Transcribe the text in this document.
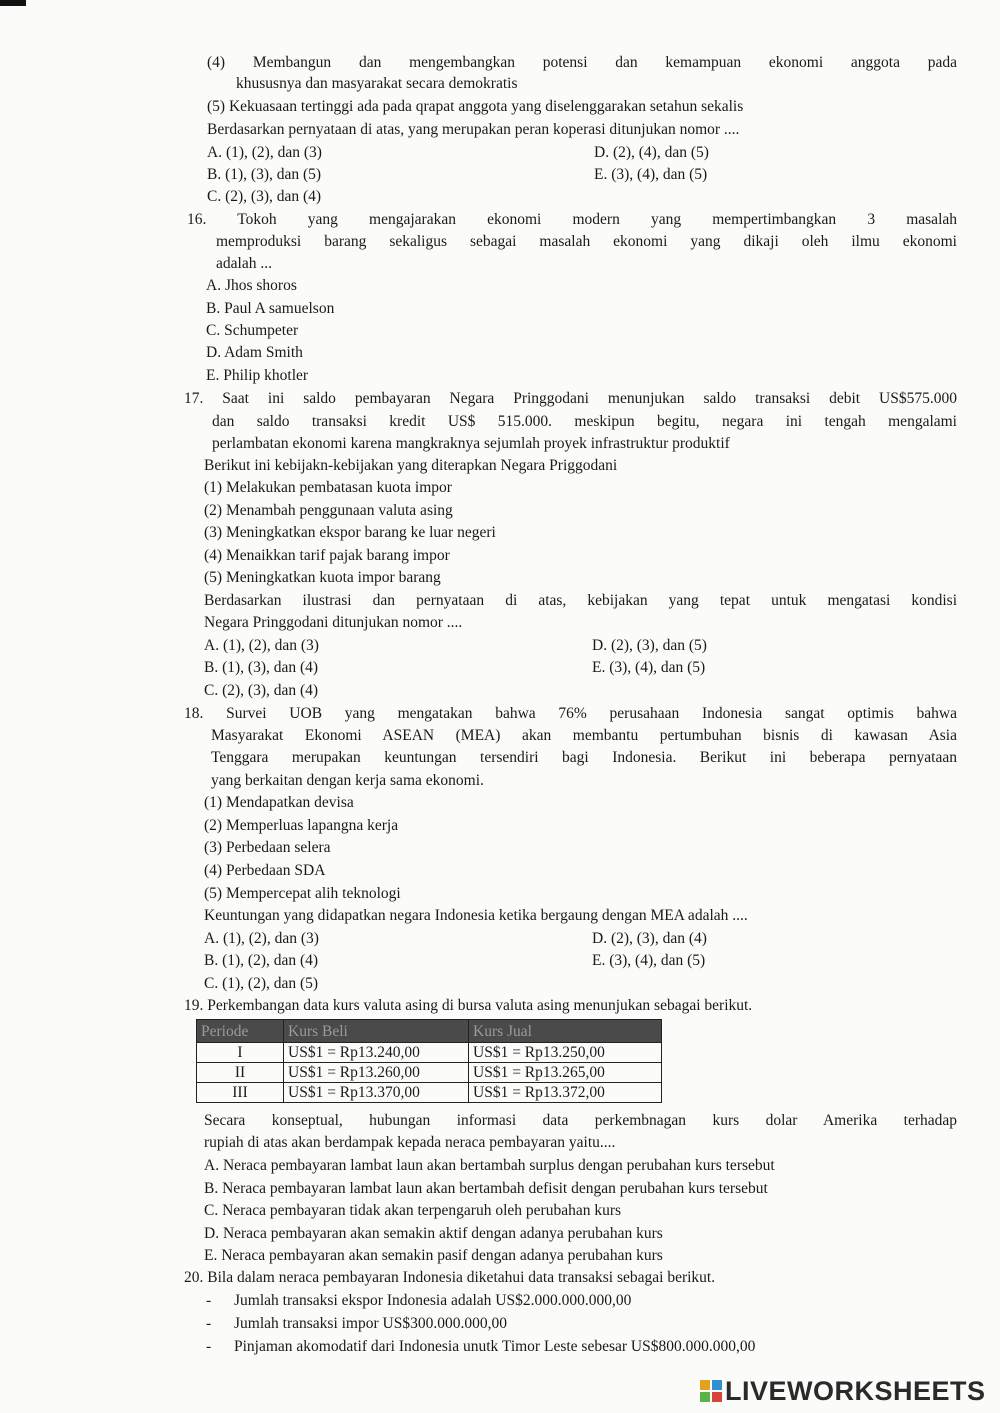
(4) Membangun dan mengembangkan potensi dan kemampuan ekonomi anggota pada
khususnya dan masyarakat secara demokratis
(5) Kekuasaan tertinggi ada pada qrapat anggota yang diselenggarakan setahun sekalis
Berdasarkan pernyataan di atas, yang merupakan peran koperasi ditunjukan nomor ....
A. (1), (2), dan (3)	D. (2), (4), dan (5)
B. (1), (3), dan (5)	E. (3), (4), dan (5)
C. (2), (3), dan (4)
16. Tokoh yang mengajarakan ekonomi modern yang mempertimbangkan 3 masalah
memproduksi barang sekaligus sebagai masalah ekonomi yang dikaji oleh ilmu ekonomi
adalah ...
A. Jhos shoros
B. Paul A samuelson
C. Schumpeter
D. Adam Smith
E. Philip khotler
17. Saat ini saldo pembayaran Negara Pringgodani menunjukan saldo transaksi debit US$575.000
dan saldo transaksi kredit US$ 515.000. meskipun begitu, negara ini tengah mengalami
perlambatan ekonomi karena mangkraknya sejumlah proyek infrastruktur produktif
Berikut ini kebijakn-kebijakan yang diterapkan Negara Priggodani
(1) Melakukan pembatasan kuota impor
(2) Menambah penggunaan valuta asing
(3) Meningkatkan ekspor barang ke luar negeri
(4) Menaikkan tarif pajak barang impor
(5) Meningkatkan kuota impor barang
Berdasarkan ilustrasi dan pernyataan di atas, kebijakan yang tepat untuk mengatasi kondisi
Negara Pringgodani ditunjukan nomor ....
A. (1), (2), dan (3)	D. (2), (3), dan (5)
B. (1), (3), dan (4)	E. (3), (4), dan (5)
C. (2), (3), dan (4)
18. Survei UOB yang mengatakan bahwa 76% perusahaan Indonesia sangat optimis bahwa
Masyarakat Ekonomi ASEAN (MEA) akan membantu pertumbuhan bisnis di kawasan Asia
Tenggara merupakan keuntungan tersendiri bagi Indonesia. Berikut ini beberapa pernyataan
yang berkaitan dengan kerja sama ekonomi.
(1) Mendapatkan devisa
(2) Memperluas lapangna kerja
(3) Perbedaan selera
(4) Perbedaan SDA
(5) Mempercepat alih teknologi
Keuntungan yang didapatkan negara Indonesia ketika bergaung dengan MEA adalah ....
A. (1), (2), dan (3)	D. (2), (3), dan (4)
B. (1), (2), dan (4)	E. (3), (4), dan (5)
C. (1), (2), dan (5)
19. Perkembangan data kurs valuta asing di bursa valuta asing menunjukan sebagai berikut.
Periode	Kurs Beli	Kurs Jual
I	US$1 = Rp13.240,00	US$1 = Rp13.250,00
II	US$1 = Rp13.260,00	US$1 = Rp13.265,00
III	US$1 = Rp13.370,00	US$1 = Rp13.372,00
Secara konseptual, hubungan informasi data perkembnagan kurs dolar Amerika terhadap
rupiah di atas akan berdampak kepada neraca pembayaran yaitu....
A. Neraca pembayaran lambat laun akan bertambah surplus dengan perubahan kurs tersebut
B. Neraca pembayaran lambat laun akan bertambah defisit dengan perubahan kurs tersebut
C. Neraca pembayaran tidak akan terpengaruh oleh perubahan kurs
D. Neraca pembayaran akan semakin aktif dengan adanya perubahan kurs
E. Neraca pembayaran akan semakin pasif dengan adanya perubahan kurs
20. Bila dalam neraca pembayaran Indonesia diketahui data transaksi sebagai berikut.
- Jumlah transaksi ekspor Indonesia adalah US$2.000.000.000,00
- Jumlah transaksi impor US$300.000.000,00
- Pinjaman akomodatif dari Indonesia unutk Timor Leste sebesar US$800.000.000,00
LIVEWORKSHEETS
